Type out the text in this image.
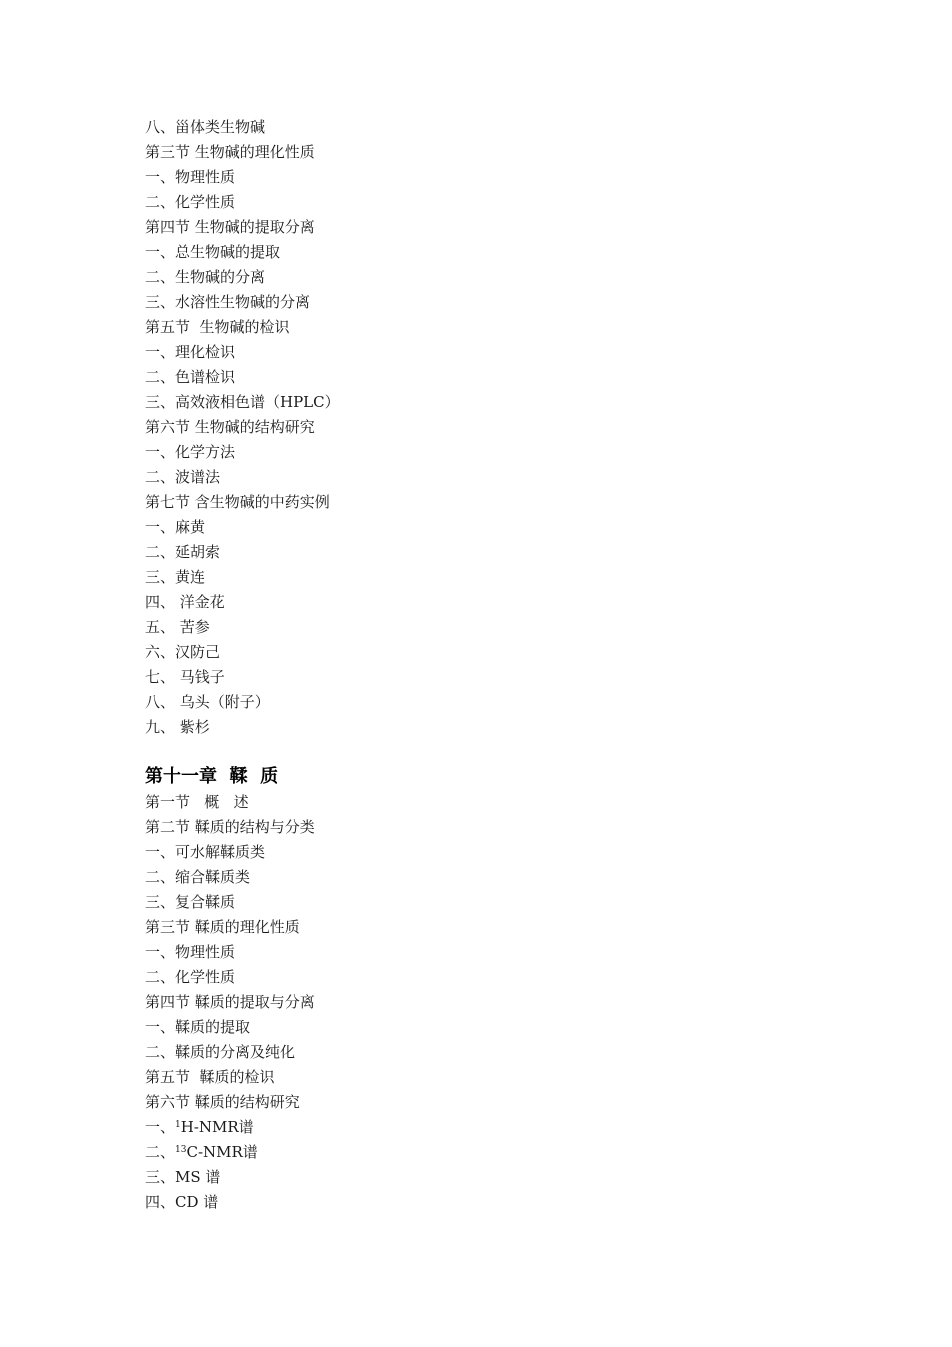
八、甾体类生物碱
第三节 生物碱的理化性质
一、物理性质
二、化学性质
第四节 生物碱的提取分离
一、总生物碱的提取
二、生物碱的分离
三、水溶性生物碱的分离
第五节  生物碱的检识
一、理化检识
二、色谱检识
三、高效液相色谱（HPLC）
第六节 生物碱的结构研究
一、化学方法
二、波谱法
第七节 含生物碱的中药实例
一、麻黄
二、延胡索
三、黄连
四、 洋金花
五、 苦参
六、汉防己
七、 马钱子
八、 乌头（附子）
九、 紫杉
第十一章  鞣  质
第一节   概   述
第二节 鞣质的结构与分类
一、可水解鞣质类
二、缩合鞣质类
三、复合鞣质
第三节 鞣质的理化性质
一、物理性质
二、化学性质
第四节 鞣质的提取与分离
一、鞣质的提取
二、鞣质的分离及纯化
第五节  鞣质的检识
第六节 鞣质的结构研究
一、$^1$H-NMR谱
二、$^{13}$C-NMR谱
三、MS 谱
四、CD 谱
